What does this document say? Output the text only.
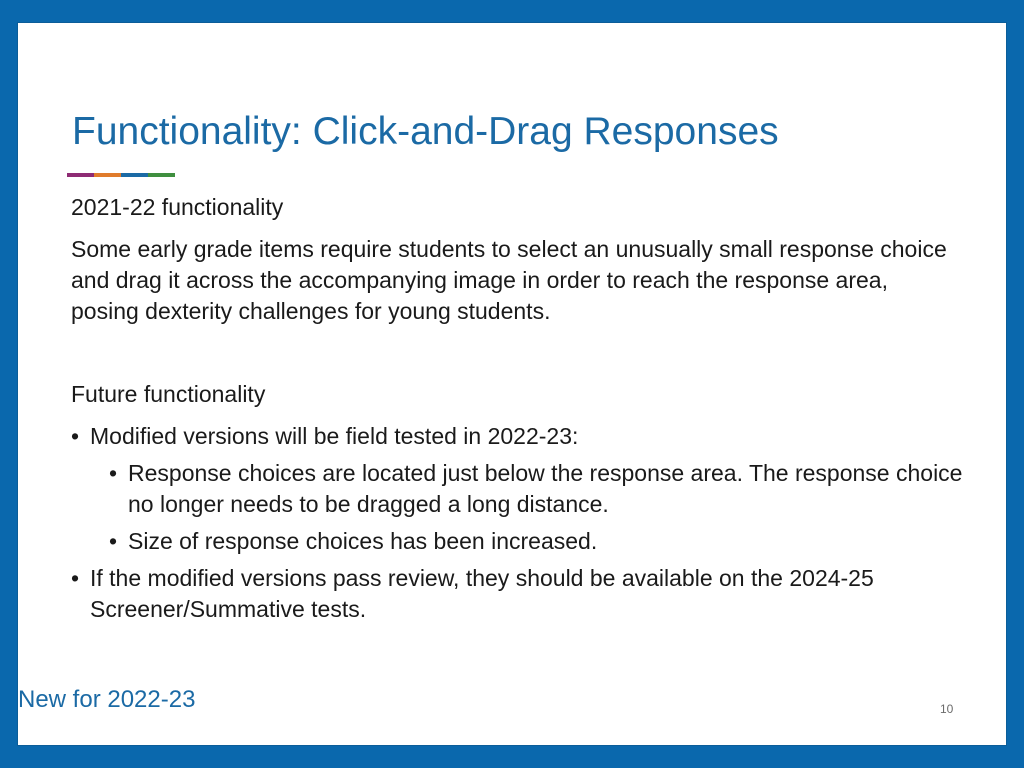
Functionality: Click-and-Drag Responses

2021-22 functionality

Some early grade items require students to select an unusually small response choice and drag it across the accompanying image in order to reach the response area, posing dexterity challenges for young students.

Future functionality

• Modified versions will be field tested in 2022-23:
• Response choices are located just below the response area. The response choice no longer needs to be dragged a long distance.
• Size of response choices has been increased.
• If the modified versions pass review, they should be available on the 2024-25 Screener/Summative tests.
10
New for 2022-23
